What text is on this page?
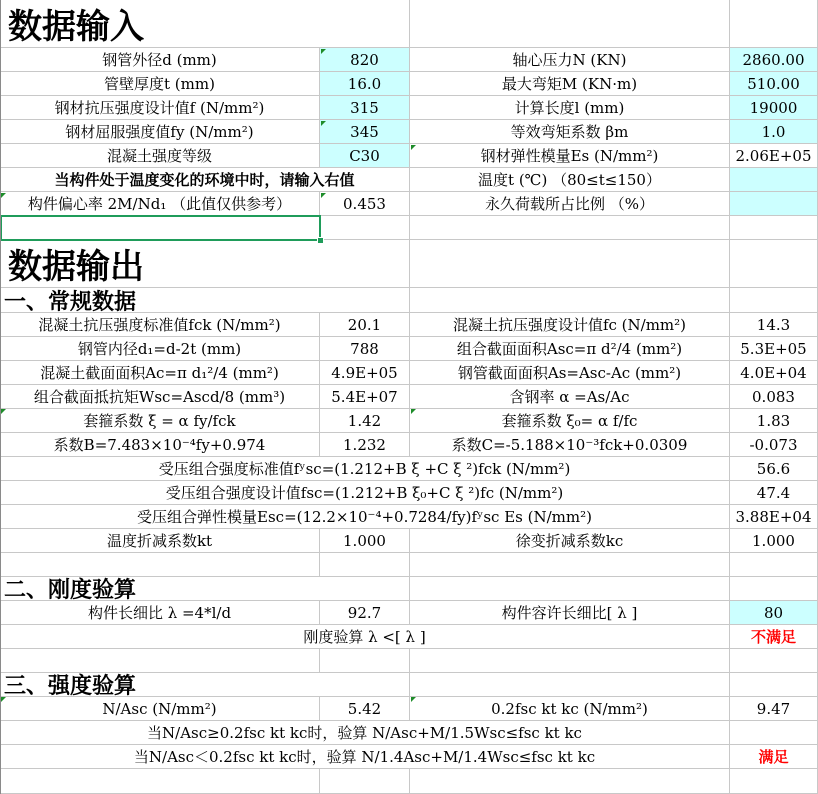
数据输入
钢管外径d (mm)	820	轴心压力N (KN)	2860.00
管壁厚度t (mm)	16.0	最大弯矩M (KN·m)	510.00
钢材抗压强度设计值f (N/mm²)	315	计算长度l (mm)	19000
钢材屈服强度值fy (N/mm²)	345	等效弯矩系数 βm	1.0
混凝土强度等级	C30	钢材弹性模量Es (N/mm²)	2.06E+05
当构件处于温度变化的环境中时，请输入右值	温度t (℃) （80≤t≤150）
构件偏心率 2M/Nd₁ （此值仅供参考）	0.453	永久荷载所占比例 （%）
数据输出
一、常规数据
混凝土抗压强度标准值fck (N/mm²)	20.1	混凝土抗压强度设计值fc (N/mm²)	14.3
钢管内径d₁=d-2t (mm)	788	组合截面面积Asc=π d²/4 (mm²)	5.3E+05
混凝土截面面积Ac=π d₁²/4 (mm²)	4.9E+05	钢管截面面积As=Asc-Ac (mm²)	4.0E+04
组合截面抵抗矩Wsc=Ascd/8 (mm³)	5.4E+07	含钢率 α =As/Ac	0.083
套箍系数 ξ = α fy/fck	1.42	套箍系数 ξ₀= α f/fc	1.83
系数B=7.483×10⁻⁴fy+0.974	1.232	系数C=-5.188×10⁻³fck+0.0309	-0.073
受压组合强度标准值fʸsc=(1.212+B ξ +C ξ ²)fck (N/mm²)	56.6
受压组合强度设计值fsc=(1.212+B ξ₀+C ξ ²)fc (N/mm²)	47.4
受压组合弹性模量Esc=(12.2×10⁻⁴+0.7284/fy)fʸsc Es (N/mm²)	3.88E+04
温度折减系数kt	1.000	徐变折减系数kc	1.000
二、刚度验算
构件长细比 λ =4*l/d	92.7	构件容许长细比[ λ ]	80
刚度验算 λ <[ λ ]	不满足
三、强度验算
N/Asc (N/mm²)	5.42	0.2fsc kt kc (N/mm²)	9.47
当N/Asc≥0.2fsc kt kc时，验算 N/Asc+M/1.5Wsc≤fsc kt kc
当N/Asc＜0.2fsc kt kc时，验算 N/1.4Asc+M/1.4Wsc≤fsc kt kc	满足
